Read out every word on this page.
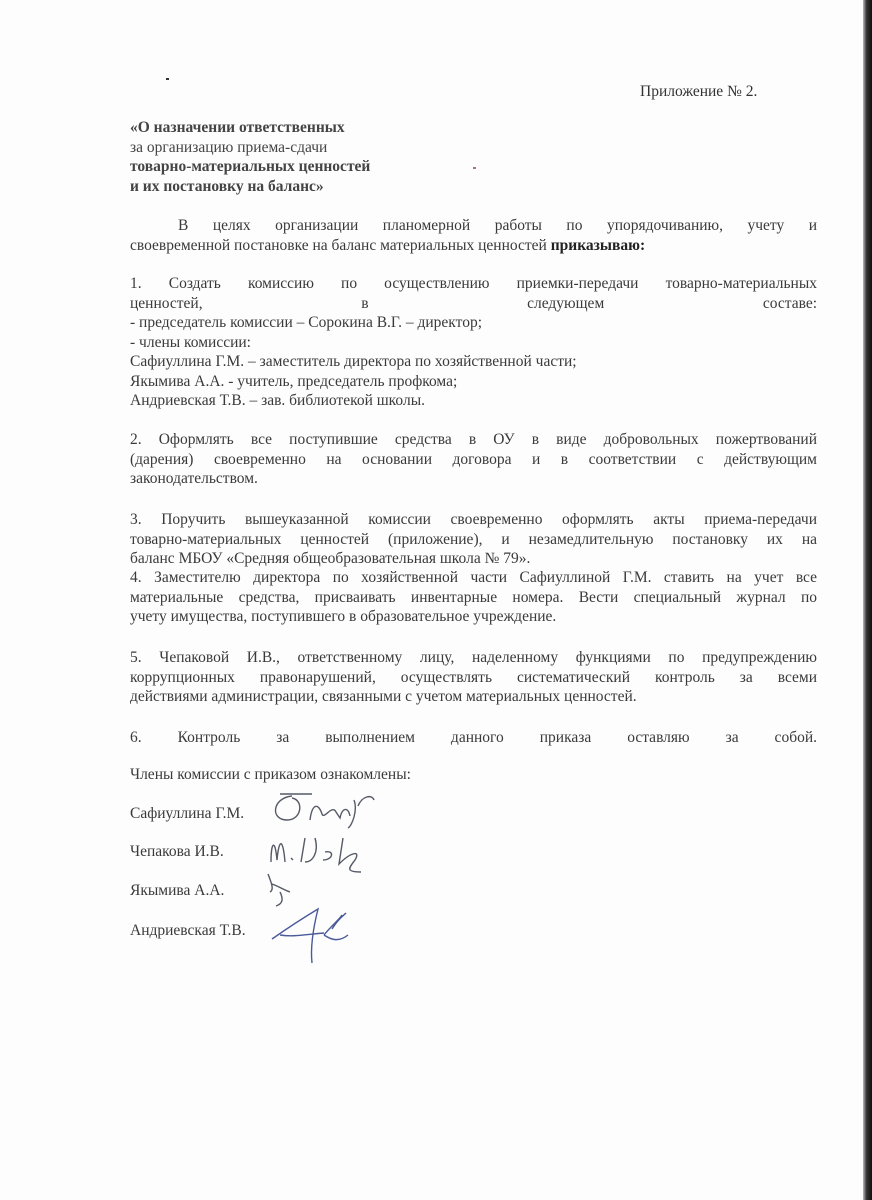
Приложение № 2.
«О назначении ответственных
за организацию приема-сдачи
товарно-материальных ценностей
и их постановку на баланс»
В целях организации планомерной работы по упорядочиванию, учету и
своевременной постановке на баланс материальных ценностей приказываю:
1. Создать комиссию по осуществлению приемки-передачи товарно-материальных
ценностей, в следующем составе:
- председатель комиссии – Сорокина В.Г. – директор;
- члены комиссии:
Сафиуллина Г.М. – заместитель директора по хозяйственной части;
Якымива А.А. - учитель, председатель профкома;
Андриевская Т.В. – зав. библиотекой школы.
2. Оформлять все поступившие средства в ОУ в виде добровольных пожертвований
(дарения) своевременно на основании договора и в соответствии с действующим
законодательством.
3. Поручить вышеуказанной комиссии своевременно оформлять акты приема-передачи
товарно-материальных ценностей (приложение), и незамедлительную постановку их на
баланс МБОУ «Средняя общеобразовательная школа № 79».
4. Заместителю директора по хозяйственной части Сафиуллиной Г.М. ставить на учет все
материальные средства, присваивать инвентарные номера. Вести специальный журнал по
учету имущества, поступившего в образовательное учреждение.
5. Чепаковой И.В., ответственному лицу, наделенному функциями по предупреждению
коррупционных правонарушений, осуществлять систематический контроль за всеми
действиями администрации, связанными с учетом материальных ценностей.
6. Контроль за выполнением данного приказа оставляю за собой.
Члены комиссии с приказом ознакомлены:
Сафиуллина Г.М.
Чепакова И.В.
Якымива А.А.
Андриевская Т.В.
